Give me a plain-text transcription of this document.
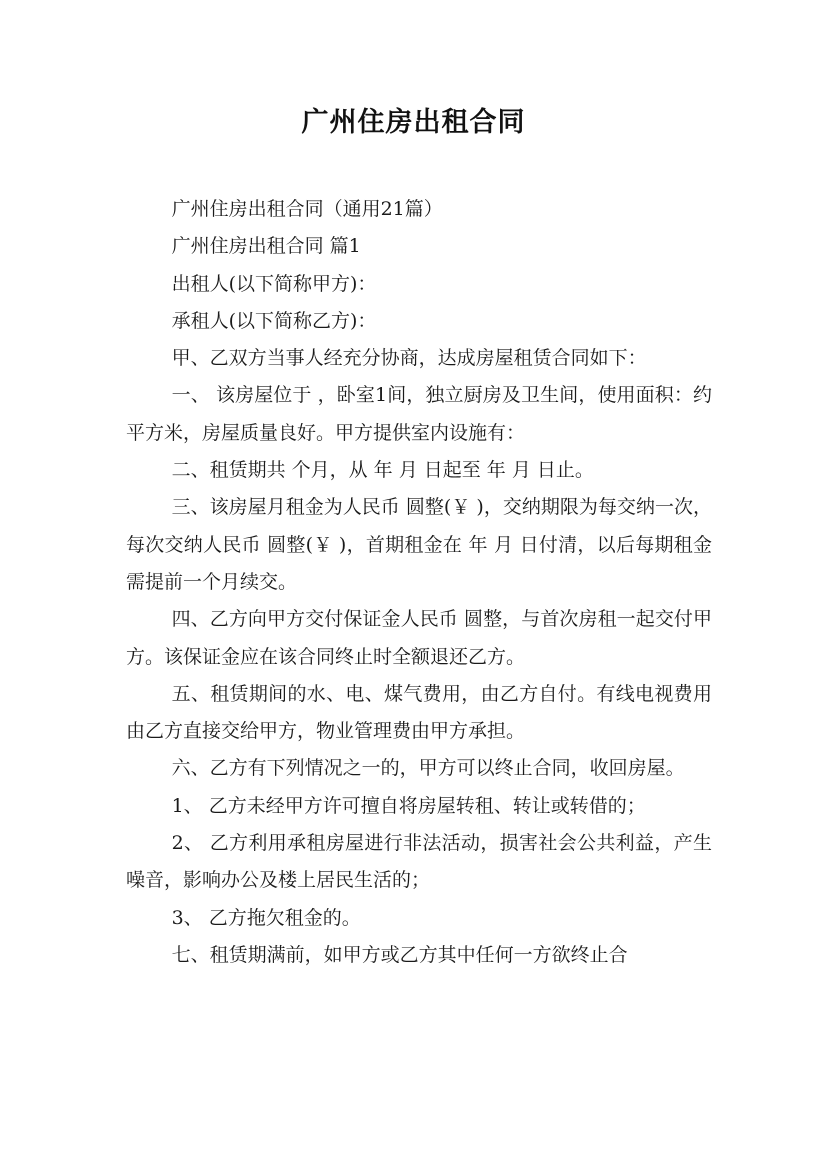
广州住房出租合同

广州住房出租合同（通用21篇）

广州住房出租合同 篇1

出租人(以下简称甲方)：

承租人(以下简称乙方)：

甲、乙双方当事人经充分协商，达成房屋租赁合同如下：

一、 该房屋位于 ，卧室1间，独立厨房及卫生间，使用面积：约 平方米，房屋质量良好。甲方提供室内设施有：

二、租赁期共 个月，从 年 月 日起至 年 月 日止。

三、该房屋月租金为人民币 圆整(￥ )，交纳期限为每交纳一次，每次交纳人民币 圆整(￥ )，首期租金在 年 月 日付清，以后每期租金需提前一个月续交。

四、乙方向甲方交付保证金人民币 圆整，与首次房租一起交付甲方。该保证金应在该合同终止时全额退还乙方。

五、租赁期间的水、电、煤气费用，由乙方自付。有线电视费用由乙方直接交给甲方，物业管理费由甲方承担。

六、乙方有下列情况之一的，甲方可以终止合同，收回房屋。

1、 乙方未经甲方许可擅自将房屋转租、转让或转借的；

2、 乙方利用承租房屋进行非法活动，损害社会公共利益，产生噪音，影响办公及楼上居民生活的；

3、 乙方拖欠租金的。

七、租赁期满前，如甲方或乙方其中任何一方欲终止合
